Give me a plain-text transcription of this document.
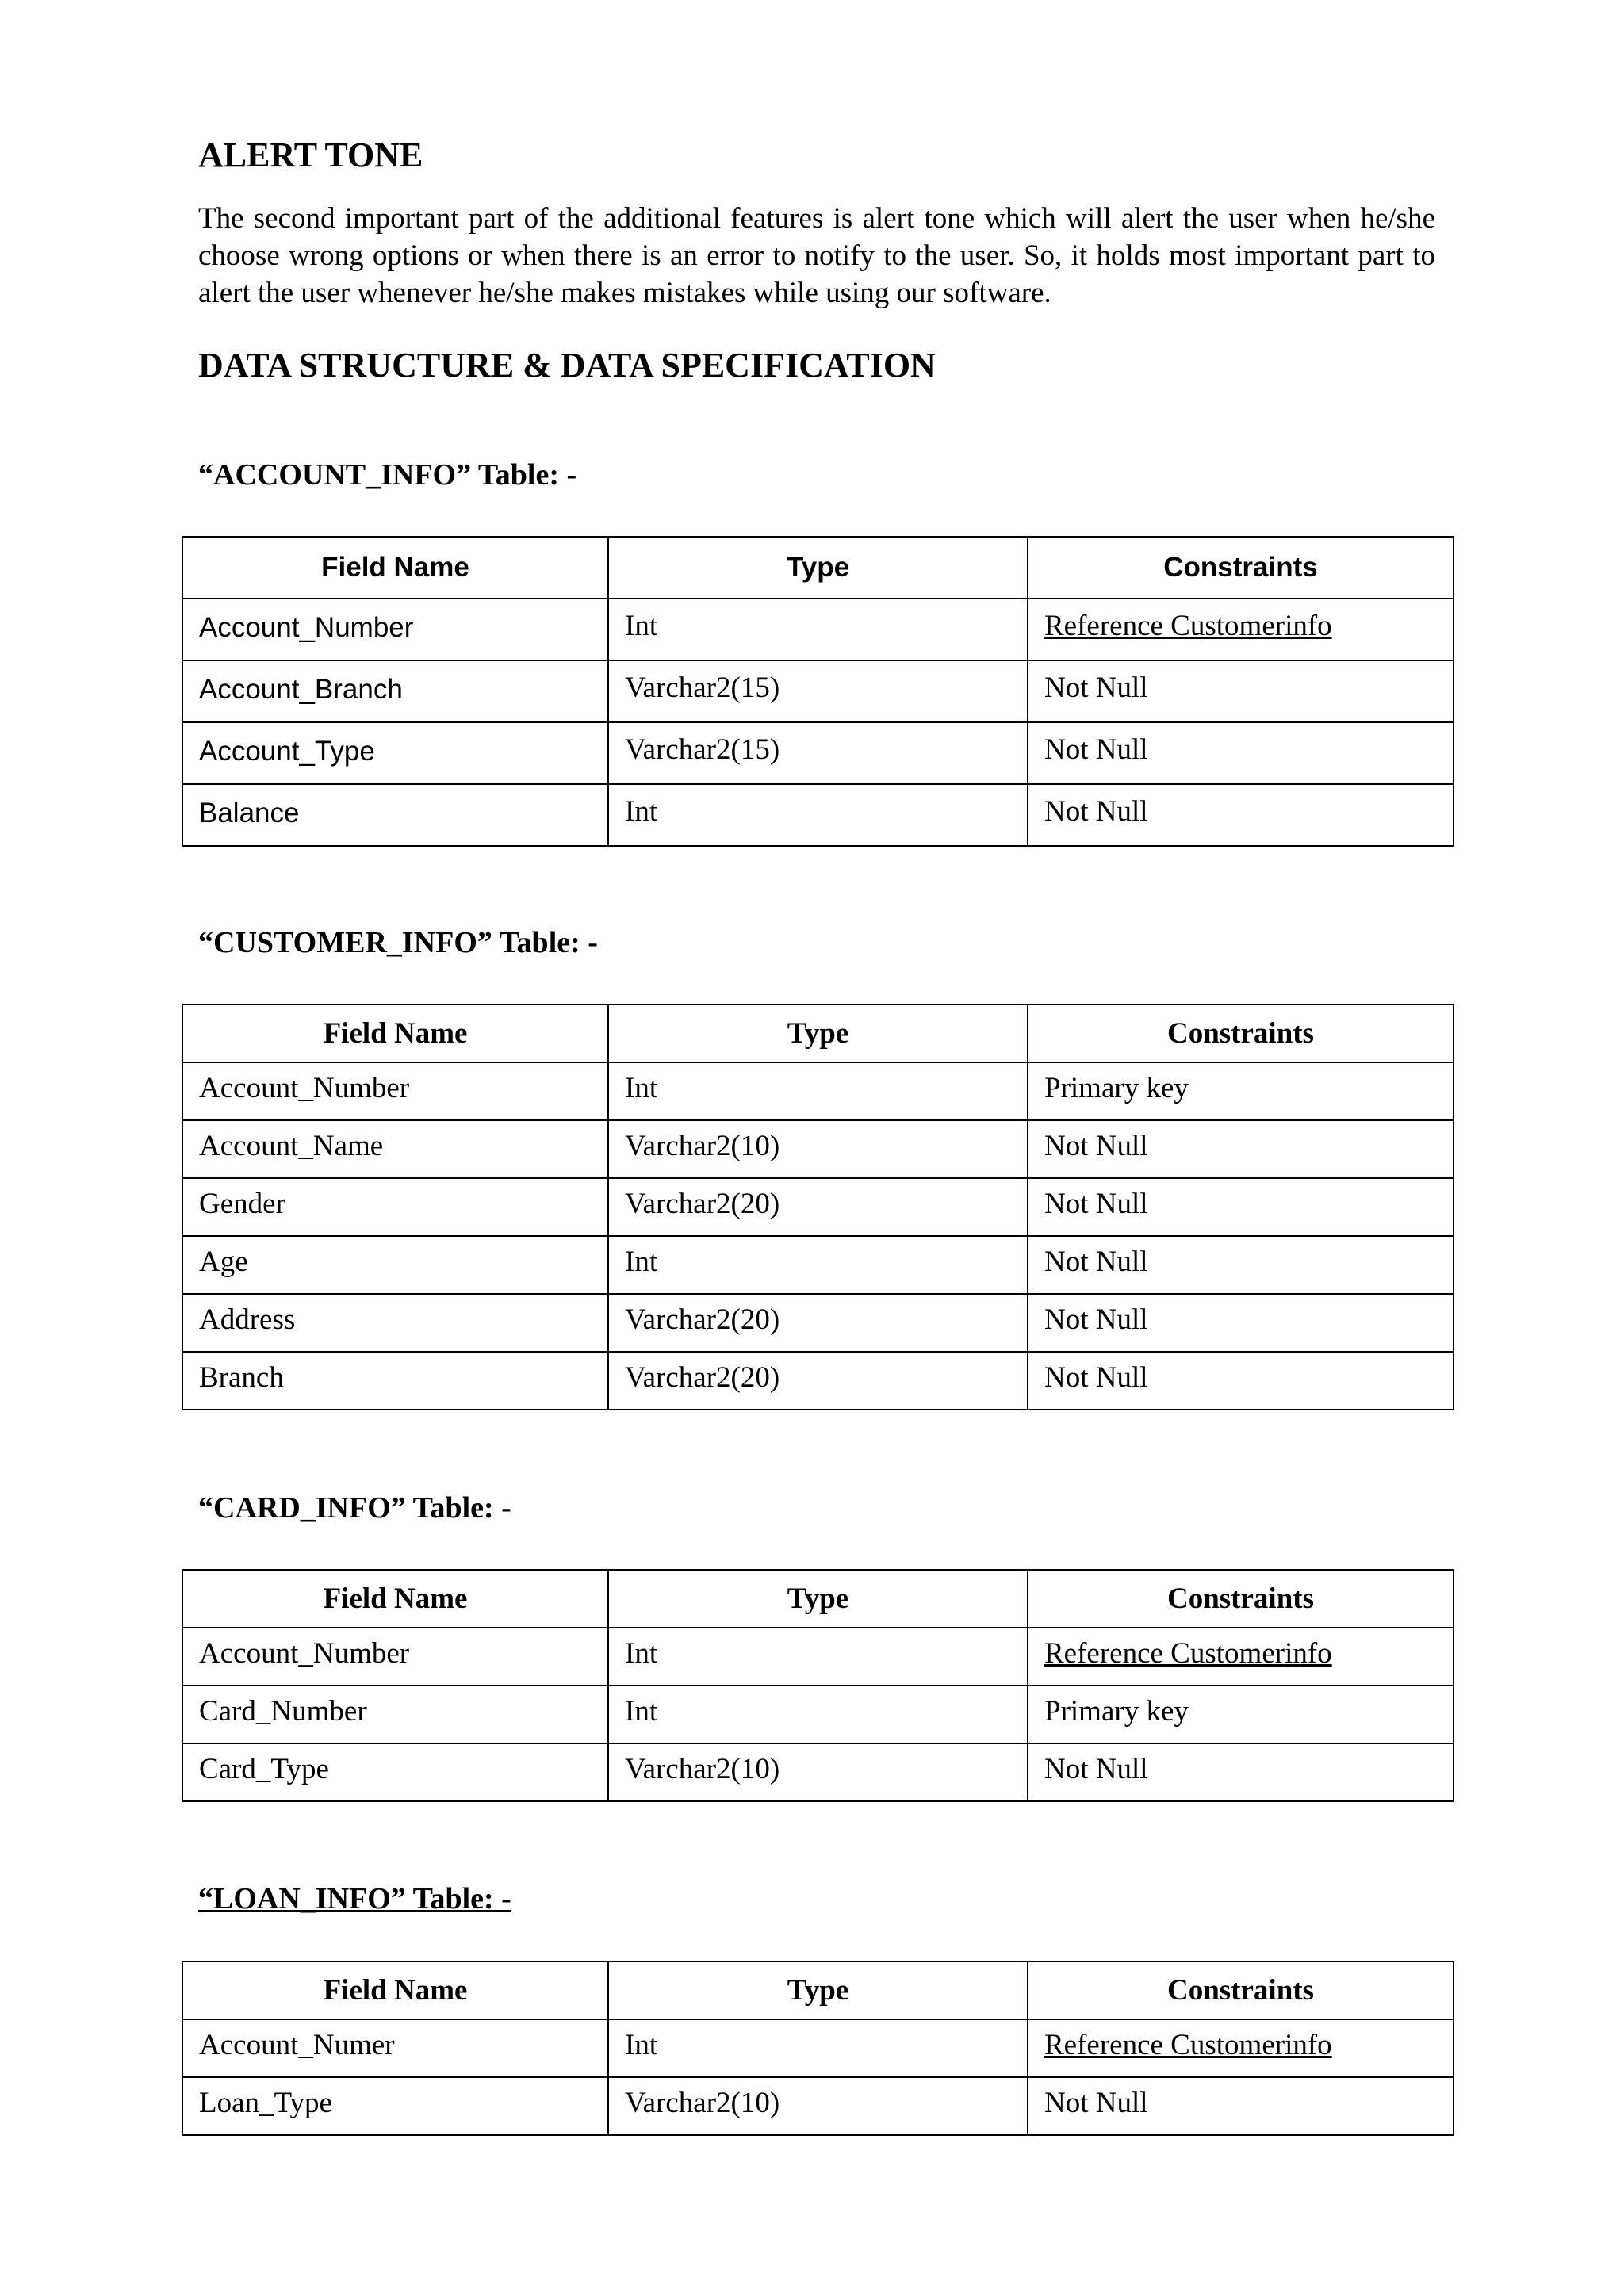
ALERT TONE

The second important part of the additional features is alert tone which will alert the user when he/she choose wrong options or when there is an error to notify to the user. So, it holds most important part to alert the user whenever he/she makes mistakes while using our software.

DATA STRUCTURE & DATA SPECIFICATION

“ACCOUNT_INFO” Table: -

Field Name	Type	Constraints
Account_Number	Int	Reference Customerinfo
Account_Branch	Varchar2(15)	Not Null
Account_Type	Varchar2(15)	Not Null
Balance	Int	Not Null

“CUSTOMER_INFO” Table: -

Field Name	Type	Constraints
Account_Number	Int	Primary key
Account_Name	Varchar2(10)	Not Null
Gender	Varchar2(20)	Not Null
Age	Int	Not Null
Address	Varchar2(20)	Not Null
Branch	Varchar2(20)	Not Null

“CARD_INFO” Table: -

Field Name	Type	Constraints
Account_Number	Int	Reference Customerinfo
Card_Number	Int	Primary key
Card_Type	Varchar2(10)	Not Null

“LOAN_INFO” Table: -

Field Name	Type	Constraints
Account_Numer	Int	Reference Customerinfo
Loan_Type	Varchar2(10)	Not Null
